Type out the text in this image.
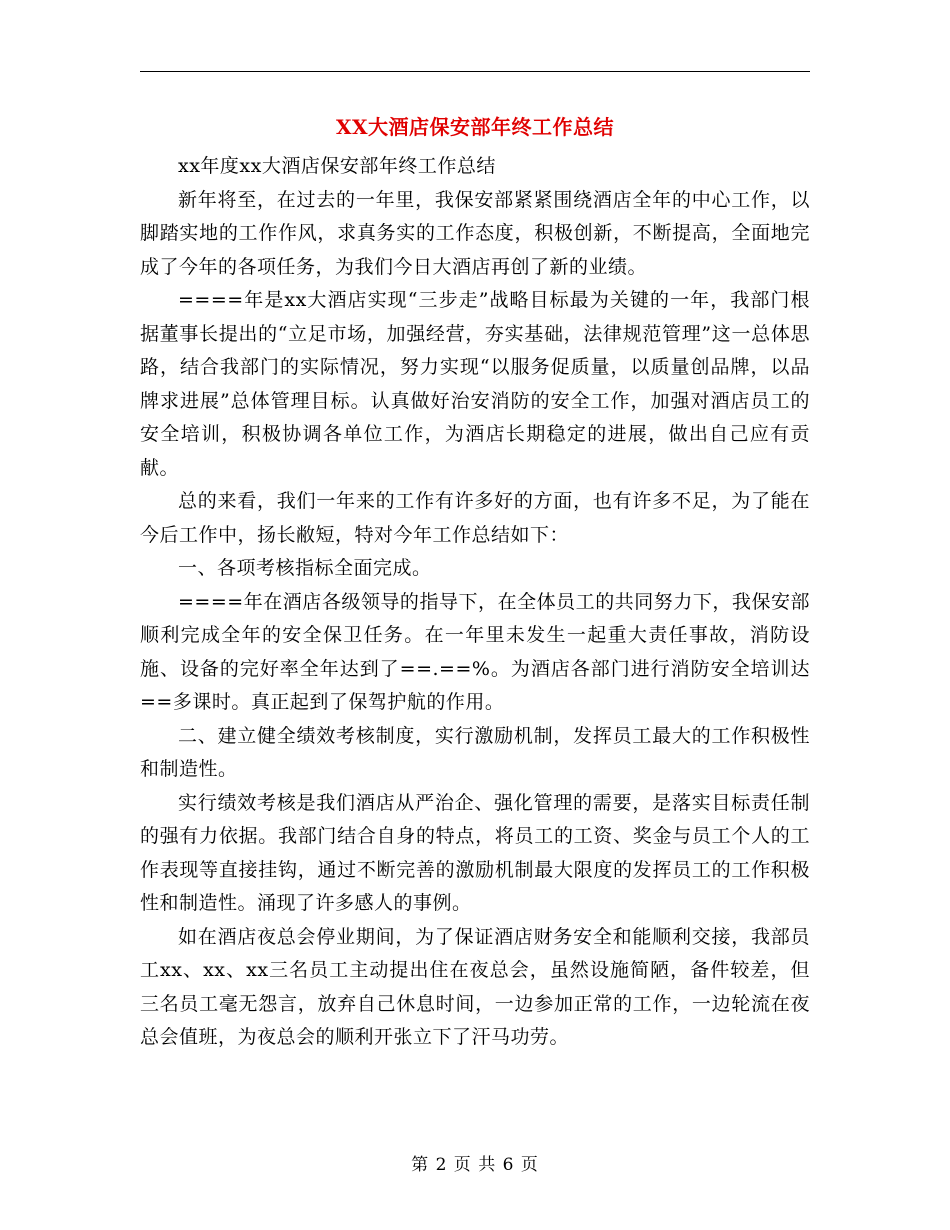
XX大酒店保安部年终工作总结

xx年度xx大酒店保安部年终工作总结

新年将至，在过去的一年里，我保安部紧紧围绕酒店全年的中心工作，以脚踏实地的工作作风，求真务实的工作态度，积极创新，不断提高，全面地完成了今年的各项任务，为我们今日大酒店再创了新的业绩。

====年是xx大酒店实现“三步走”战略目标最为关键的一年，我部门根据董事长提出的“立足市场，加强经营，夯实基础，法律规范管理”这一总体思路，结合我部门的实际情况，努力实现“以服务促质量，以质量创品牌，以品牌求进展”总体管理目标。认真做好治安消防的安全工作，加强对酒店员工的安全培训，积极协调各单位工作，为酒店长期稳定的进展，做出自己应有贡献。

总的来看，我们一年来的工作有许多好的方面，也有许多不足，为了能在今后工作中，扬长敝短，特对今年工作总结如下：

一、各项考核指标全面完成。

====年在酒店各级领导的指导下，在全体员工的共同努力下，我保安部顺利完成全年的安全保卫任务。在一年里未发生一起重大责任事故，消防设施、设备的完好率全年达到了==.==%。为酒店各部门进行消防安全培训达==多课时。真正起到了保驾护航的作用。

二、建立健全绩效考核制度，实行激励机制，发挥员工最大的工作积极性和制造性。

实行绩效考核是我们酒店从严治企、强化管理的需要，是落实目标责任制的强有力依据。我部门结合自身的特点，将员工的工资、奖金与员工个人的工作表现等直接挂钩，通过不断完善的激励机制最大限度的发挥员工的工作积极性和制造性。涌现了许多感人的事例。

如在酒店夜总会停业期间，为了保证酒店财务安全和能顺利交接，我部员工xx、xx、xx三名员工主动提出住在夜总会，虽然设施简陋，备件较差，但三名员工毫无怨言，放弃自己休息时间，一边参加正常的工作，一边轮流在夜总会值班，为夜总会的顺利开张立下了汗马功劳。

第 2 页 共 6 页
